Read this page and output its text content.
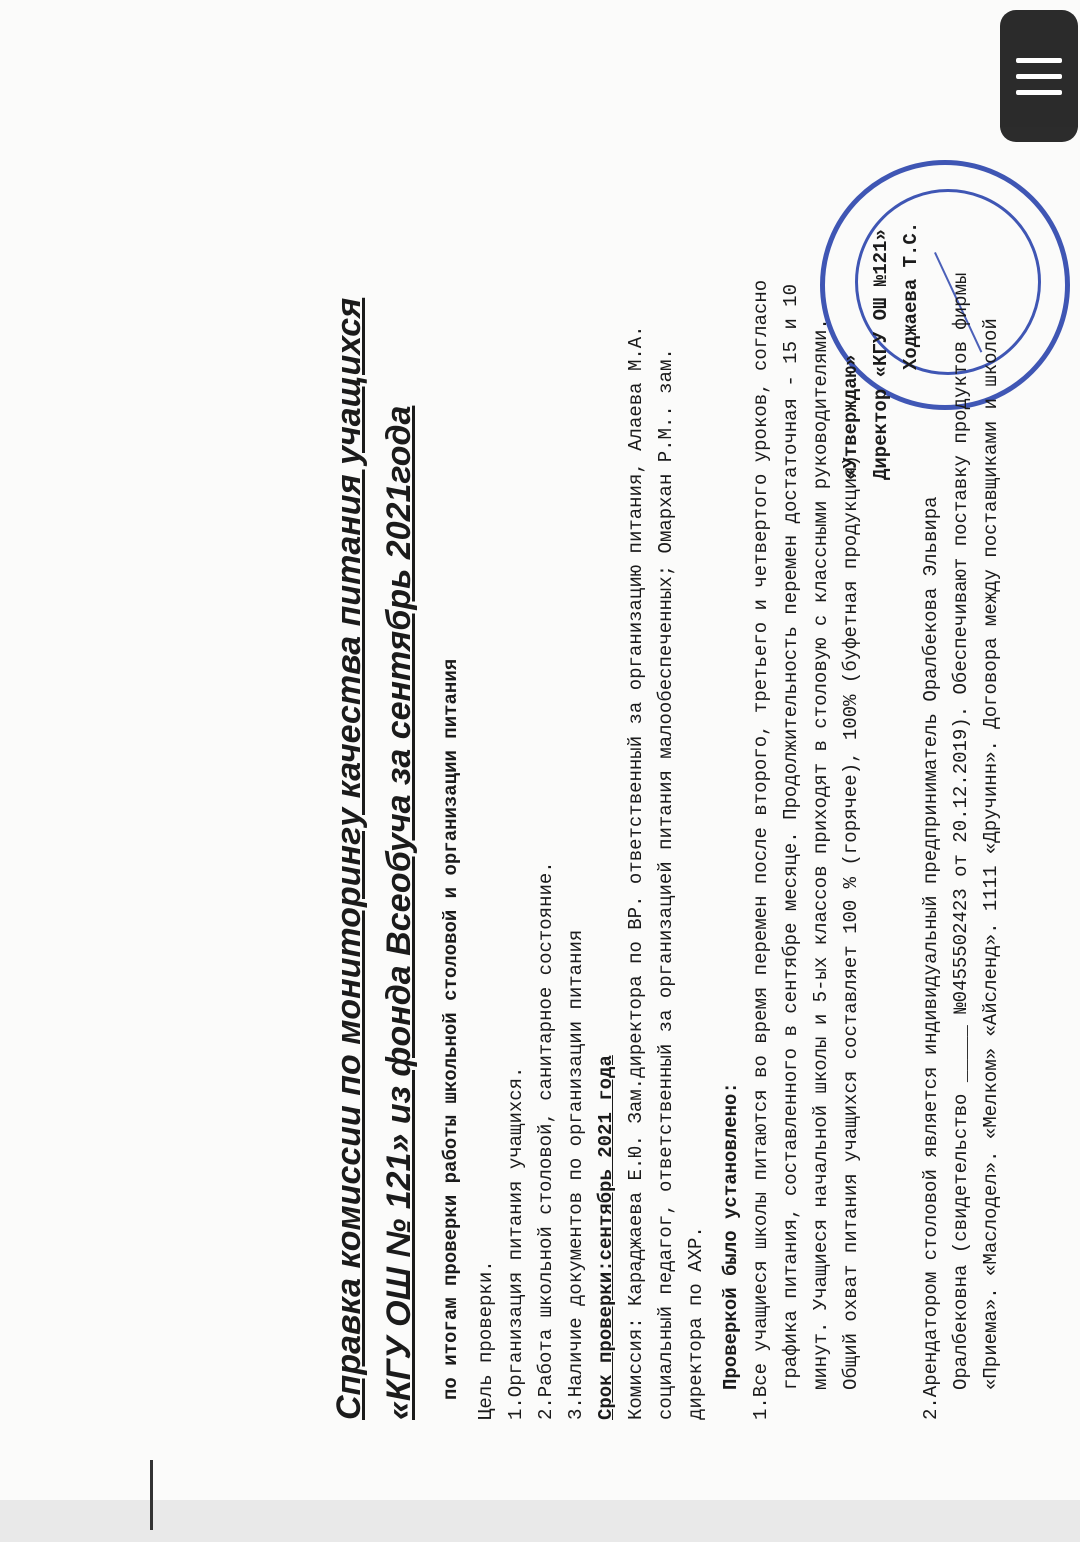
«Утверждаю» Директор «КГУ ОШ №121» Ходжаева Т.С.
Справка комиссии по мониторингу качества питания учащихся «КГУ ОШ № 121» из фонда Всеобуча за сентябрь 2021года по итогам проверки работы школьной столовой и организации питания Цель проверки. 1.Организация питания учащихся. 2.Работа школьной столовой, санитарное состояние. 3.Наличие документов по организации питания Срок проверки:сентябрь 2021 года Комиссия: Караджаева Е.Ю. Зам.директора по ВР. ответственный за организацию питания, Алаева М.А. социальный педагог, ответственный за организацией питания малообеспеченных; Омархан Р.М.. зам. директора по АХР. Проверкой было установлено: 1.Все учащиеся школы питаются во время перемен после второго, третьего и четвертого уроков, согласно графика питания, составленного в сентябре месяце. Продолжительность перемен достаточная - 15 и 10 минут. Учащиеся начальной школы и 5-ых классов приходят в столовую с классными руководителями. Общий охват питания учащихся составляет 100 % (горячее), 100% (буфетная продукция)	2.Арендатором столовой является индивидуальный предприниматель Оралбекова Эльвира Оралбековна (свидетельство _____ №0455502423 от 20.12.2019). Обеспечивают поставку продуктов фирмы «Приема». «Маслодел». «Мелком» «Айсленд». 1111 «Дручинн». Договора между поставщиками и школой
